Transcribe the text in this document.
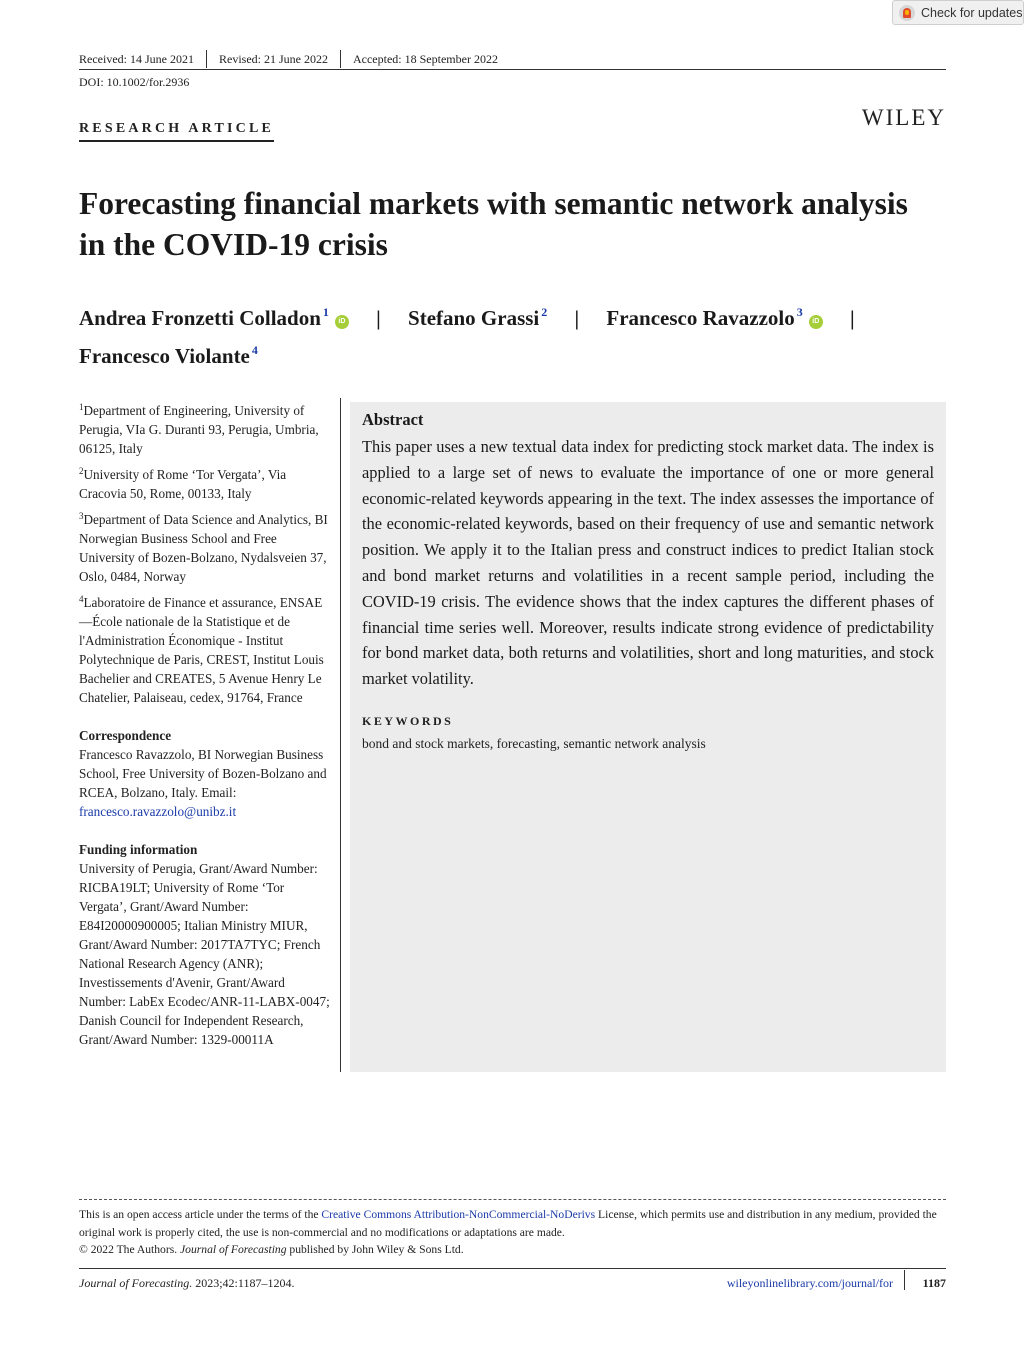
Check for updates
Received: 14 June 2021	Revised: 21 June 2022	Accepted: 18 September 2022
DOI: 10.1002/for.2936
RESEARCH ARTICLE	WILEY
Forecasting financial markets with semantic network analysis in the COVID-19 crisis
Andrea Fronzetti Colladon $^1$iD | Stefano Grassi $^2$ | Francesco Ravazzolo $^3$iD |
Francesco Violante $^4$
$^1$Department of Engineering, University of Perugia, VIa G. Duranti 93, Perugia, Umbria, 06125, Italy
$^2$University of Rome ‘Tor Vergata’, Via Cracovia 50, Rome, 00133, Italy
$^3$Department of Data Science and Analytics, BI Norwegian Business School and Free University of Bozen-Bolzano, Nydalsveien 37, Oslo, 0484, Norway
$^4$Laboratoire de Finance et assurance, ENSAE—École nationale de la Statistique et de l'Administration Économique - Institut Polytechnique de Paris, CREST, Institut Louis Bachelier and CREATES, 5 Avenue Henry Le Chatelier, Palaiseau, cedex, 91764, France
Correspondence
Francesco Ravazzolo, BI Norwegian Business School, Free University of Bozen-Bolzano and RCEA, Bolzano, Italy. Email: francesco.ravazzolo@unibz.it
Funding information
University of Perugia, Grant/Award Number: RICBA19LT; University of Rome ‘Tor Vergata’, Grant/Award Number: E84I20000900005; Italian Ministry MIUR, Grant/Award Number: 2017TA7TYC; French National Research Agency (ANR); Investissements d'Avenir, Grant/Award Number: LabEx Ecodec/ANR-11-LABX-0047; Danish Council for Independent Research, Grant/Award Number: 1329-00011A
Abstract

This paper uses a new textual data index for predicting stock market data. The index is applied to a large set of news to evaluate the importance of one or more general economic-related keywords appearing in the text. The index assesses the importance of the economic-related keywords, based on their frequency of use and semantic network position. We apply it to the Italian press and construct indices to predict Italian stock and bond market returns and volatilities in a recent sample period, including the COVID-19 crisis. The evidence shows that the index captures the different phases of financial time series well. Moreover, results indicate strong evidence of predictability for bond market data, both returns and volatilities, short and long maturities, and stock market volatility.

KEYWORDS
bond and stock markets, forecasting, semantic network analysis
This is an open access article under the terms of the Creative Commons Attribution-NonCommercial-NoDerivs License, which permits use and distribution in any medium, provided the original work is properly cited, the use is non-commercial and no modifications or adaptations are made.
© 2022 The Authors. Journal of Forecasting published by John Wiley & Sons Ltd.
Journal of Forecasting. 2023;42:1187–1204.	wileyonlinelibrary.com/journal/for 1187
